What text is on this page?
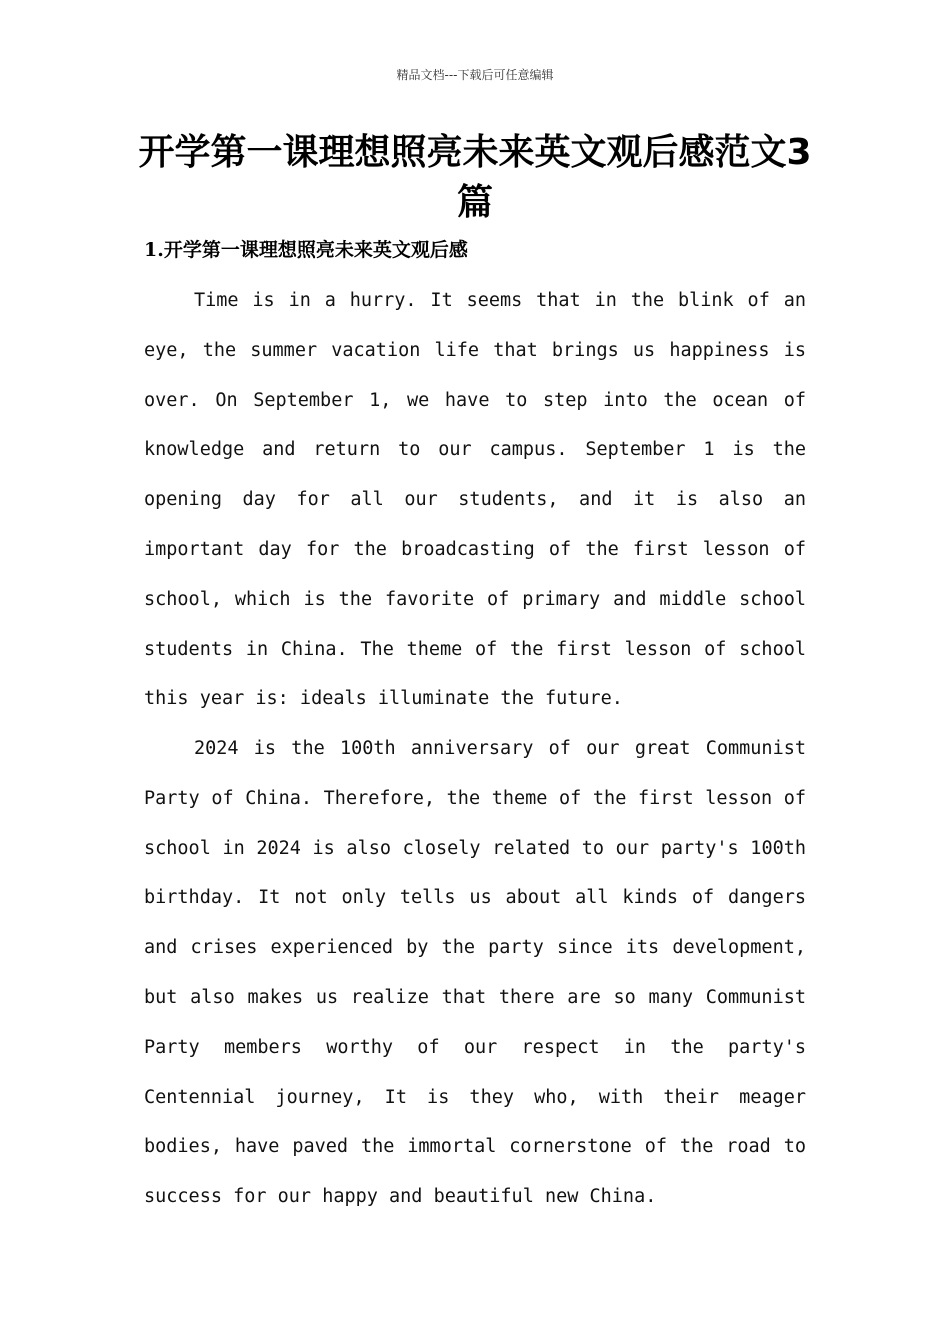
精品文档---下载后可任意编辑
开学第一课理想照亮未来英文观后感范文3篇
1.开学第一课理想照亮未来英文观后感

Time is in a hurry. It seems that in the blink of an eye, the summer vacation life that brings us happiness is over. On September 1, we have to step into the ocean of knowledge and return to our campus. September 1 is the opening day for all our students, and it is also an important day for the broadcasting of the first lesson of school, which is the favorite of primary and middle school students in China. The theme of the first lesson of school this year is: ideals illuminate the future.

2024 is the 100th anniversary of our great Communist Party of China. Therefore, the theme of the first lesson of school in 2024 is also closely related to our party's 100th birthday. It not only tells us about all kinds of dangers and crises experienced by the party since its development, but also makes us realize that there are so many Communist Party members worthy of our respect in the party's Centennial journey, It is they who, with their meager bodies, have paved the immortal cornerstone of the road to success for our happy and beautiful new China.
